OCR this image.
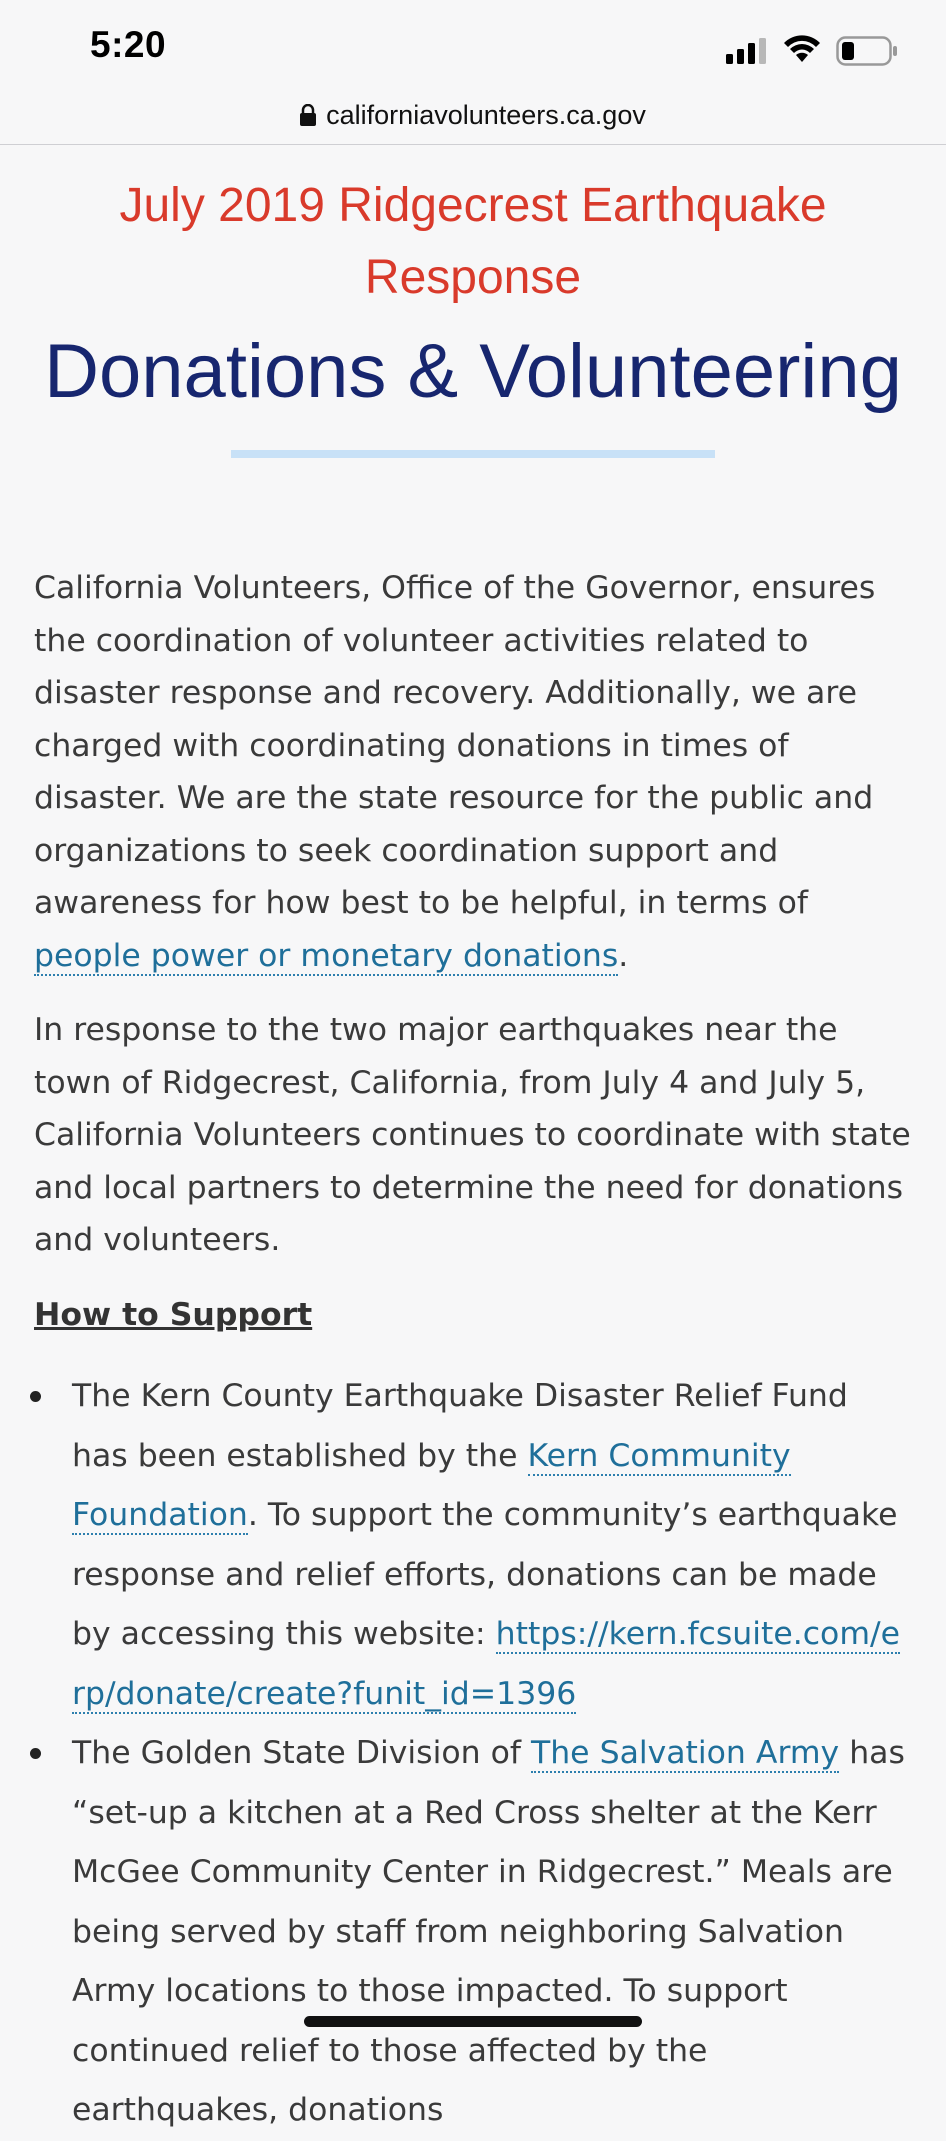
5:20
californiavolunteers.ca.gov
July 2019 Ridgecrest Earthquake Response
Donations & Volunteering

California Volunteers, Office of the Governor, ensures the coordination of volunteer activities related to disaster response and recovery. Additionally, we are charged with coordinating donations in times of disaster. We are the state resource for the public and organizations to seek coordination support and awareness for how best to be helpful, in terms of people power or monetary donations.

In response to the two major earthquakes near the town of Ridgecrest, California, from July 4 and July 5, California Volunteers continues to coordinate with state and local partners to determine the need for donations and volunteers.

How to Support
The Kern County Earthquake Disaster Relief Fund has been established by the Kern Community Foundation. To support the community’s earthquake response and relief efforts, donations can be made by accessing this website: https://kern.fcsuite.com/erp/donate/create?funit_id=1396
The Golden State Division of The Salvation Army has “set-up a kitchen at a Red Cross shelter at the Kerr McGee Community Center in Ridgecrest.” Meals are being served by staff from neighboring Salvation Army locations to those impacted. To support continued relief to those affected by the earthquakes, donations
